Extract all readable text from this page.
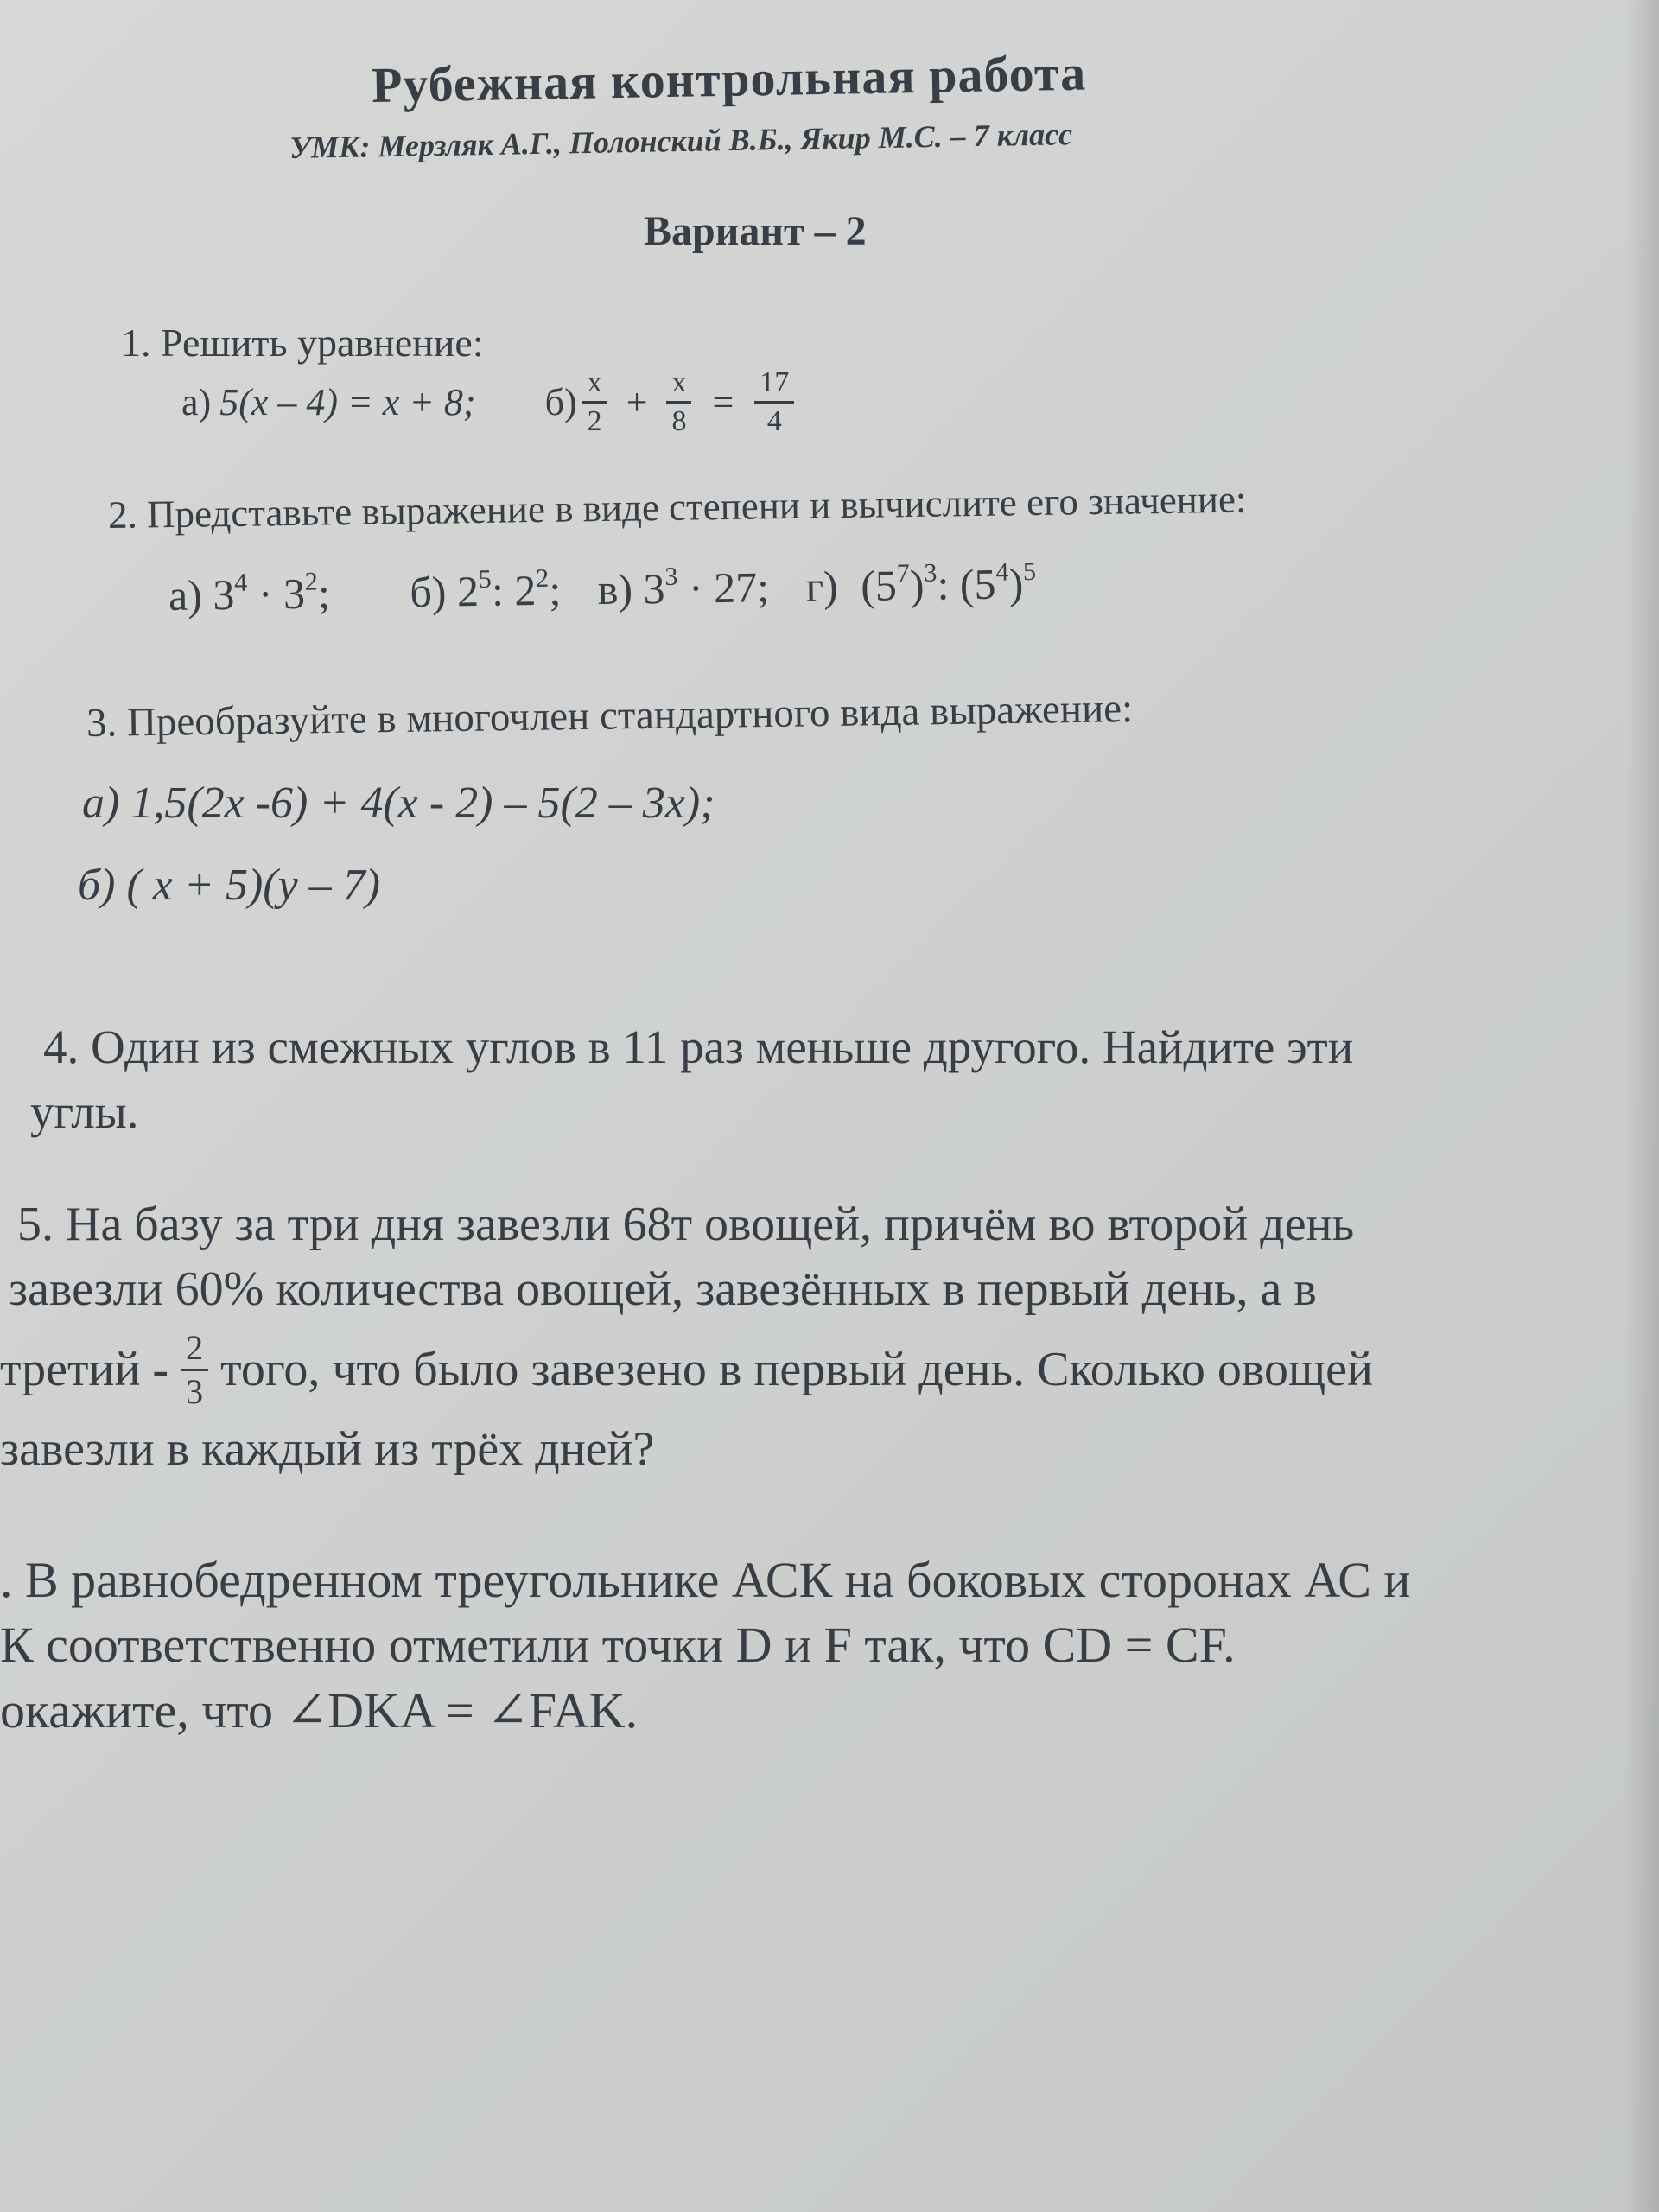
Рубежная контрольная работа
УМК: Мерзляк А.Г., Полонский В.Б., Якир М.С. – 7 класс
Вариант – 2
1. Решить уравнение:
а) 5(x – 4) = x + 8; $б) \frac{x}{2} + \frac{x}{8} = \frac{17}{4}$
2. Представьте выражение в виде степени и вычислите его значение:
а) $3^4 \cdot 3^2$; б) $2^5$: $2^2$; в) $3^3 \cdot 27$; г) $(5^7)^3$: $(5^4)^5$
3. Преобразуйте в многочлен стандартного вида выражение:
а) 1,5(2x -6) + 4(x - 2) – 5(2 – 3x);
б) ( x + 5)(y – 7)
4. Один из смежных углов в 11 раз меньше другого. Найдите эти
углы.
5. На базу за три дня завезли 68т овощей, причём во второй день
завезли 60% количества овощей, завезённых в первый день, а в
третий - $\frac{2}{3}$ того, что было завезено в первый день. Сколько овощей
завезли в каждый из трёх дней?
. В равнобедренном треугольнике АСК на боковых сторонах АС и
К соответственно отметили точки D и F так, что CD = CF.
окажите, что ∠DKA = ∠FAK.
